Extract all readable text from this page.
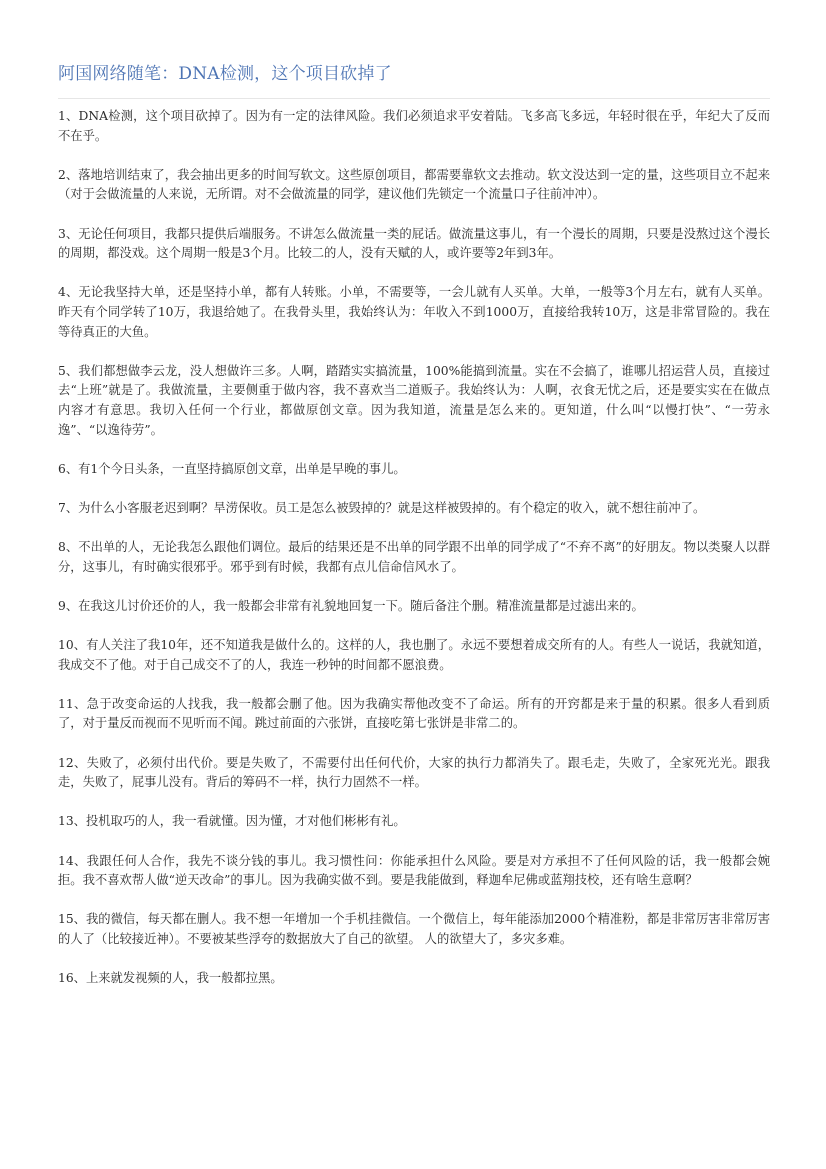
阿国网络随笔：DNA检测，这个项目砍掉了

1、DNA检测，这个项目砍掉了。因为有一定的法律风险。我们必须追求平安着陆。飞多高飞多远，年轻时很在乎，年纪大了反而不在乎。

2、落地培训结束了，我会抽出更多的时间写软文。这些原创项目，都需要靠软文去推动。软文没达到一定的量，这些项目立不起来（对于会做流量的人来说，无所谓。对不会做流量的同学，建议他们先锁定一个流量口子往前冲冲）。

3、无论任何项目，我都只提供后端服务。不讲怎么做流量一类的屁话。做流量这事儿，有一个漫长的周期，只要是没熬过这个漫长的周期，都没戏。这个周期一般是3个月。比较二的人，没有天赋的人，或许要等2年到3年。

4、无论我坚持大单，还是坚持小单，都有人转账。小单，不需要等，一会儿就有人买单。大单，一般等3个月左右，就有人买单。昨天有个同学转了10万，我退给她了。在我骨头里，我始终认为：年收入不到1000万，直接给我转10万，这是非常冒险的。我在等待真正的大鱼。

5、我们都想做李云龙，没人想做许三多。人啊，踏踏实实搞流量，100%能搞到流量。实在不会搞了，谁哪儿招运营人员，直接过去“上班”就是了。我做流量，主要侧重于做内容，我不喜欢当二道贩子。我始终认为：人啊，衣食无忧之后，还是要实实在在做点内容才有意思。我切入任何一个行业，都做原创文章。因为我知道，流量是怎么来的。更知道，什么叫“以慢打快”、“一劳永逸”、“以逸待劳”。

6、有1个今日头条，一直坚持搞原创文章，出单是早晚的事儿。

7、为什么小客服老迟到啊？旱涝保收。员工是怎么被毁掉的？就是这样被毁掉的。有个稳定的收入，就不想往前冲了。

8、不出单的人，无论我怎么跟他们调位。最后的结果还是不出单的同学跟不出单的同学成了“不弃不离”的好朋友。物以类聚人以群分，这事儿，有时确实很邪乎。邪乎到有时候，我都有点儿信命信风水了。

9、在我这儿讨价还价的人，我一般都会非常有礼貌地回复一下。随后备注个删。精准流量都是过滤出来的。

10、有人关注了我10年，还不知道我是做什么的。这样的人，我也删了。永远不要想着成交所有的人。有些人一说话，我就知道，我成交不了他。对于自己成交不了的人，我连一秒钟的时间都不愿浪费。

11、急于改变命运的人找我，我一般都会删了他。因为我确实帮他改变不了命运。所有的开窍都是来于量的积累。很多人看到质了，对于量反而视而不见听而不闻。跳过前面的六张饼，直接吃第七张饼是非常二的。

12、失败了，必须付出代价。要是失败了，不需要付出任何代价，大家的执行力都消失了。跟毛走，失败了，全家死光光。跟我走，失败了，屁事儿没有。背后的筹码不一样，执行力固然不一样。

13、投机取巧的人，我一看就懂。因为懂，才对他们彬彬有礼。

14、我跟任何人合作，我先不谈分钱的事儿。我习惯性问：你能承担什么风险。要是对方承担不了任何风险的话，我一般都会婉拒。我不喜欢帮人做“逆天改命”的事儿。因为我确实做不到。要是我能做到，释迦牟尼佛或蓝翔技校，还有啥生意啊？

15、我的微信，每天都在删人。我不想一年增加一个手机挂微信。一个微信上，每年能添加2000个精准粉，都是非常厉害非常厉害的人了（比较接近神）。不要被某些浮夸的数据放大了自己的欲望。 人的欲望大了，多灾多难。

16、上来就发视频的人，我一般都拉黑。
